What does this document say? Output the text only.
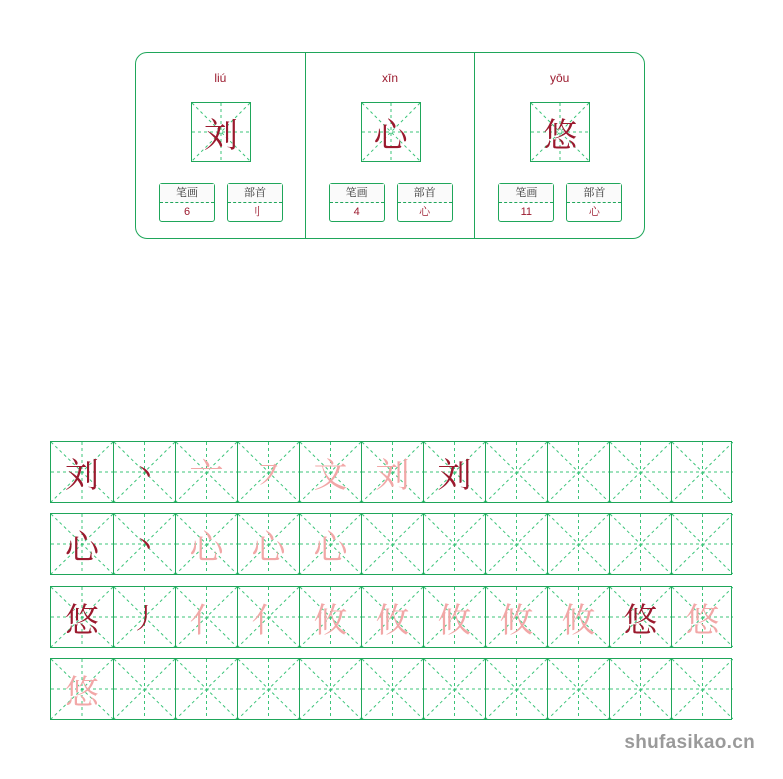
liú
刘
笔画
6
部首
刂
xīn
心
笔画
4
部首
心
yōu
悠
笔画
11
部首
心
刘	丶 亠 ㇇ 文 刘 刘
心	丶 心 心 心
悠	丿 亻 亻 攸 攸 攸 攸 攸 悠 悠
悠
shufasikao.cn
